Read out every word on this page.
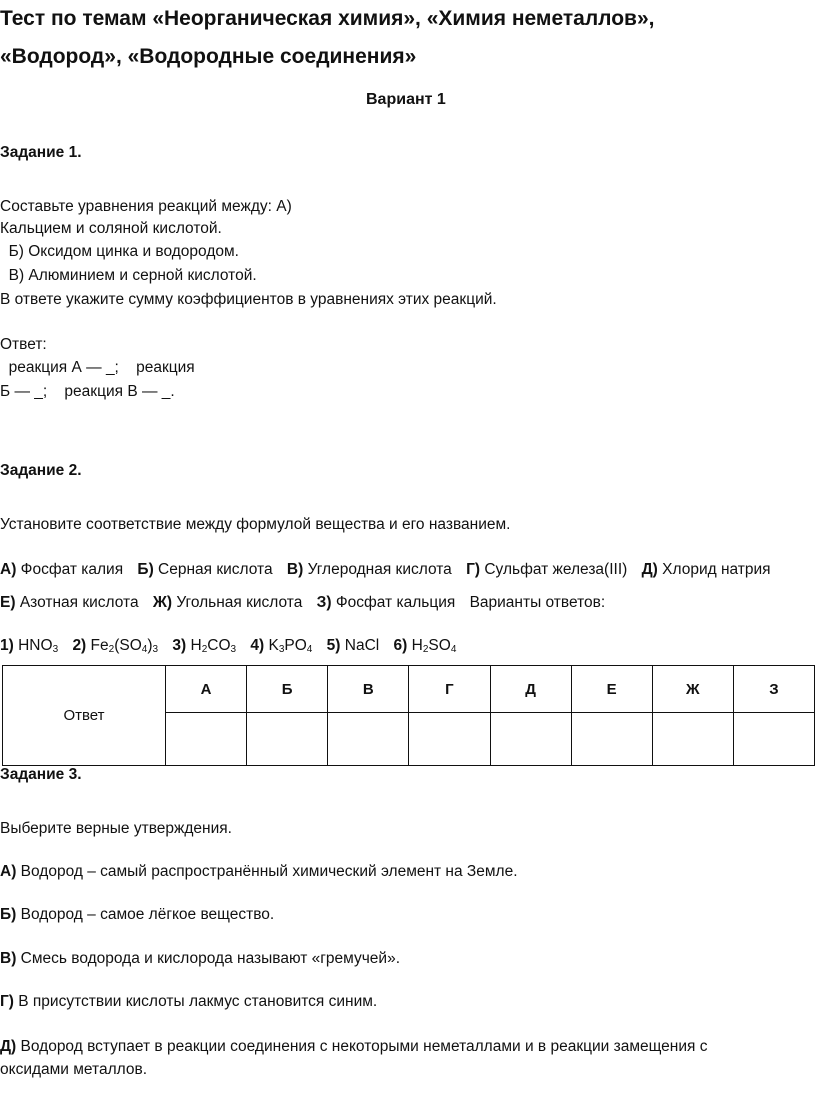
Тест по темам «Неорганическая химия», «Химия неметаллов»,
«Водород», «Водородные соединения»
Вариант 1
Задание 1.
Составьте уравнения реакций между: А)
Кальцием и соляной кислотой.
Б) Оксидом цинка и водородом.
В) Алюминием и серной кислотой.
В ответе укажите сумму коэффициентов в уравнениях этих реакций.
Ответ:
реакция А — _;    реакция
Б — _;    реакция В — _.
Задание 2.
Установите соответствие между формулой вещества и его названием.
А) Фосфат калия Б) Серная кислота В) Углеродная кислота Г) Сульфат железа(III) Д) Хлорид натрия
Е) Азотная кислота Ж) Угольная кислота З) Фосфат кальция Варианты ответов:
1) $HNO_3$ 2) $Fe_2(SO_4)_3$ 3) $H_2CO_3$ 4) $K_3PO_4$ 5) NaCl 6) $H_2SO_4$
Ответ	А	Б	В	Г	Д	Е	Ж	З

Задание 3.
Выберите верные утверждения.
А) Водород – самый распространённый химический элемент на Земле.
Б) Водород – самое лёгкое вещество.
В) Смесь водорода и кислорода называют «гремучей».
Г) В присутствии кислоты лакмус становится синим.
Д) Водород вступает в реакции соединения с некоторыми неметаллами и в реакции замещения с
оксидами металлов.
